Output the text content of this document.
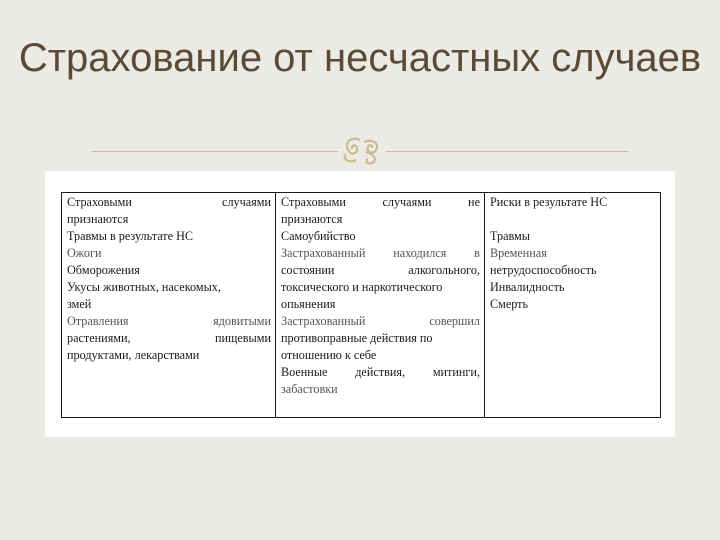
Страхование от несчастных случаев
Страховыми	случаями
признаются
Травмы в результате НС
Ожоги
Обморожения
Укусы животных, насекомых,
змей
Отравления	ядовитыми
растениями,	пищевыми
продуктами, лекарствами

Страховыми	случаями	не
признаются
Самоубийство
Застрахованный находился в
состоянии	алкогольного,
токсического и наркотического
опьянения
Застрахованный	совершил
противоправные действия по
отношению к себе
Военные действия, митинги,
забастовки

Риски в результате НС

Травмы
Временная
нетрудоспособность
Инвалидность
Смерть
